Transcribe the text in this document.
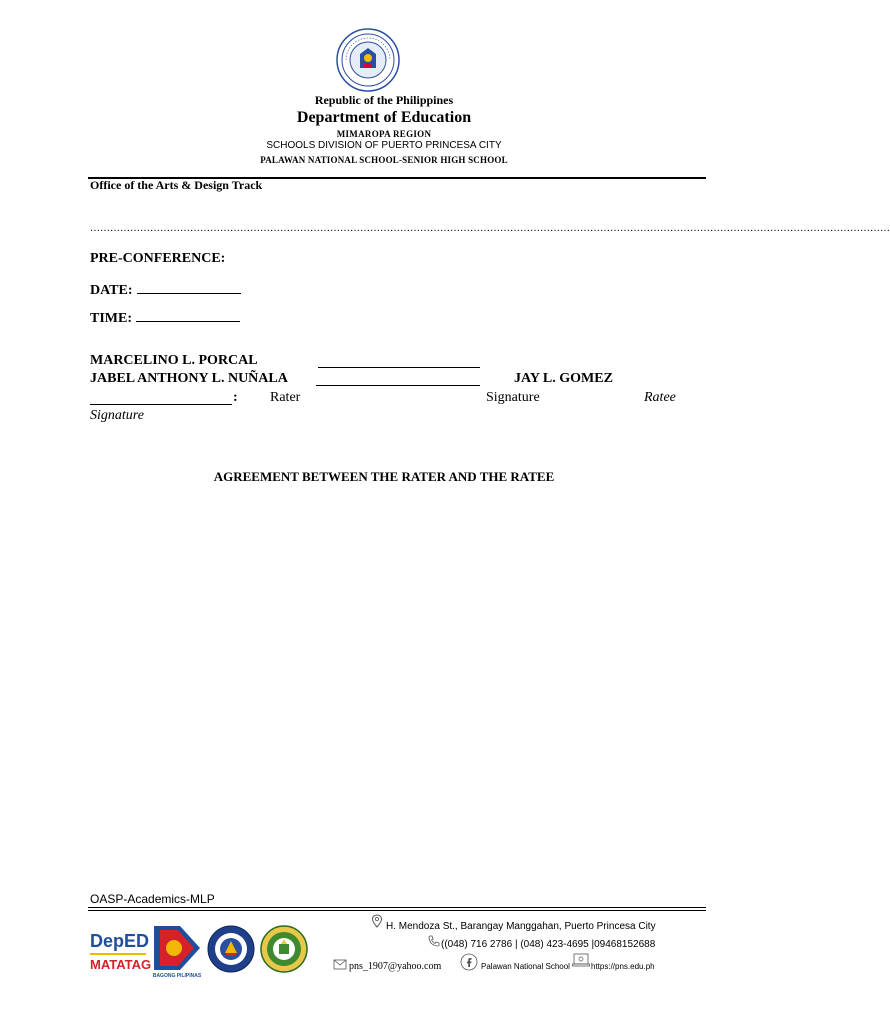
Republic of the Philippines
Department of Education
MIMAROPA REGION
SCHOOLS DIVISION OF PUERTO PRINCESA CITY
PALAWAN NATIONAL SCHOOL-SENIOR HIGH SCHOOL
Office of the Arts & Design Track
……………………………………………………………………………………………………………………………………………………………………………………………………………………
PRE-CONFERENCE:
DATE:
TIME:
MARCELINO L. PORCAL
JABEL ANTHONY L. NUÑALA	JAY L. GOMEZ
: Rater	Signature	Ratee
Signature
AGREEMENT BETWEEN THE RATER AND THE RATEE
OASP-Academics-MLP
DepED
MATATAG
BAGONG PILIPINAS
H. Mendoza St., Barangay Manggahan, Puerto Princesa City
((048) 716 2786 | (048) 423-4695 |09468152688
pns_1907@yahoo.com	Palawan National School	https://pns.edu.ph
